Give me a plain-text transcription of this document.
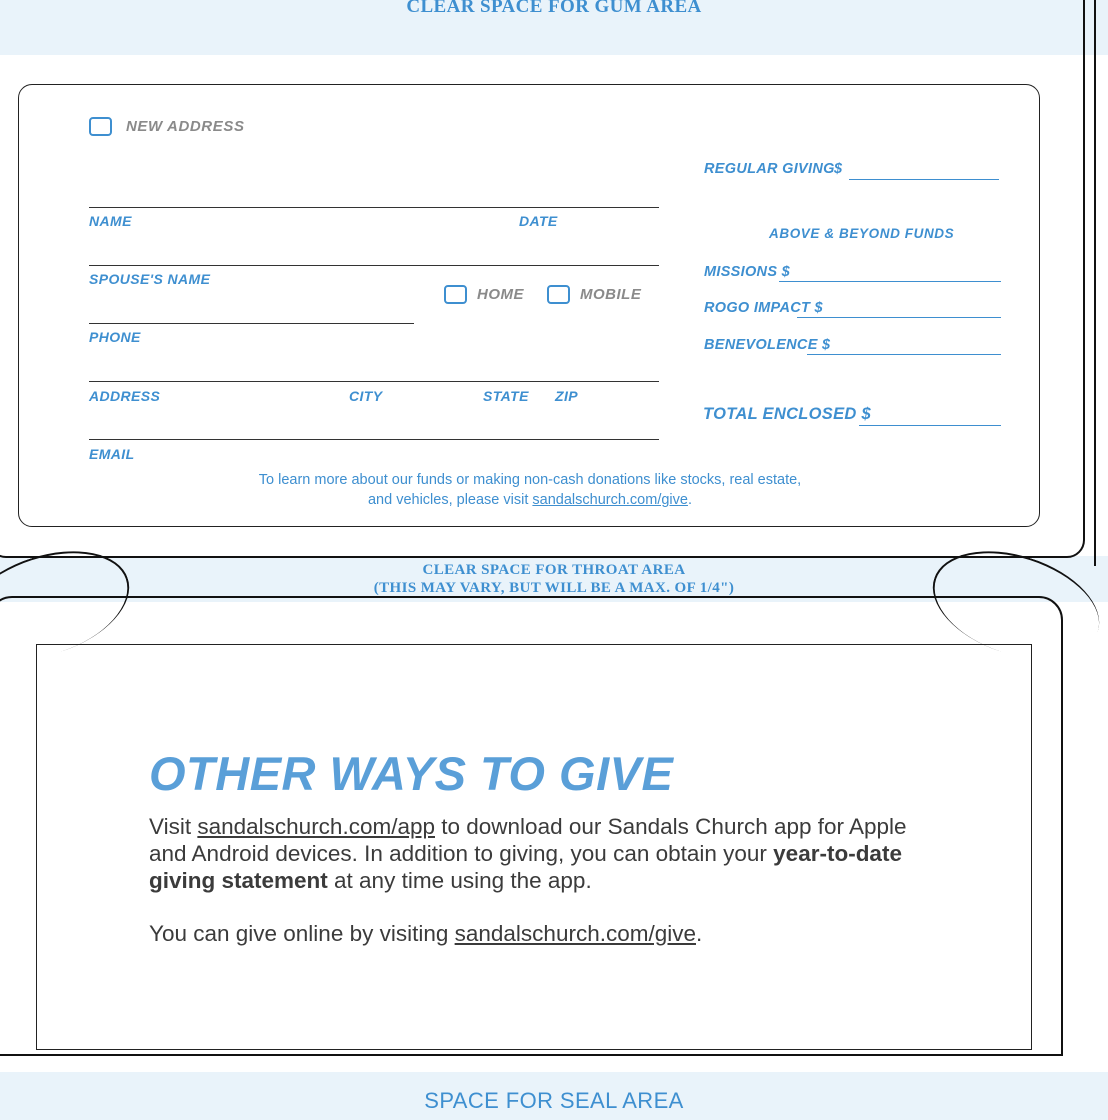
CLEAR SPACE FOR GUM AREA
CLEAR SPACE FOR THROAT AREA
(THIS MAY VARY, BUT WILL BE A MAX. OF 1/4")
SPACE FOR SEAL AREA
NEW ADDRESS
NAME	DATE
SPOUSE'S NAME
PHONE
HOME	MOBILE
ADDRESS	CITY	STATE ZIP
EMAIL
REGULAR GIVING $
ABOVE & BEYOND FUNDS
MISSIONS $
ROGO IMPACT $
BENEVOLENCE $
TOTAL ENCLOSED $
To learn more about our funds or making non-cash donations like stocks, real estate,
and vehicles, please visit sandalschurch.com/give.
OTHER WAYS TO GIVE
Visit sandalschurch.com/app to download our Sandals Church app for Apple and Android devices. In addition to giving, you can obtain your year-to-date giving statement at any time using the app.
You can give online by visiting sandalschurch.com/give.
